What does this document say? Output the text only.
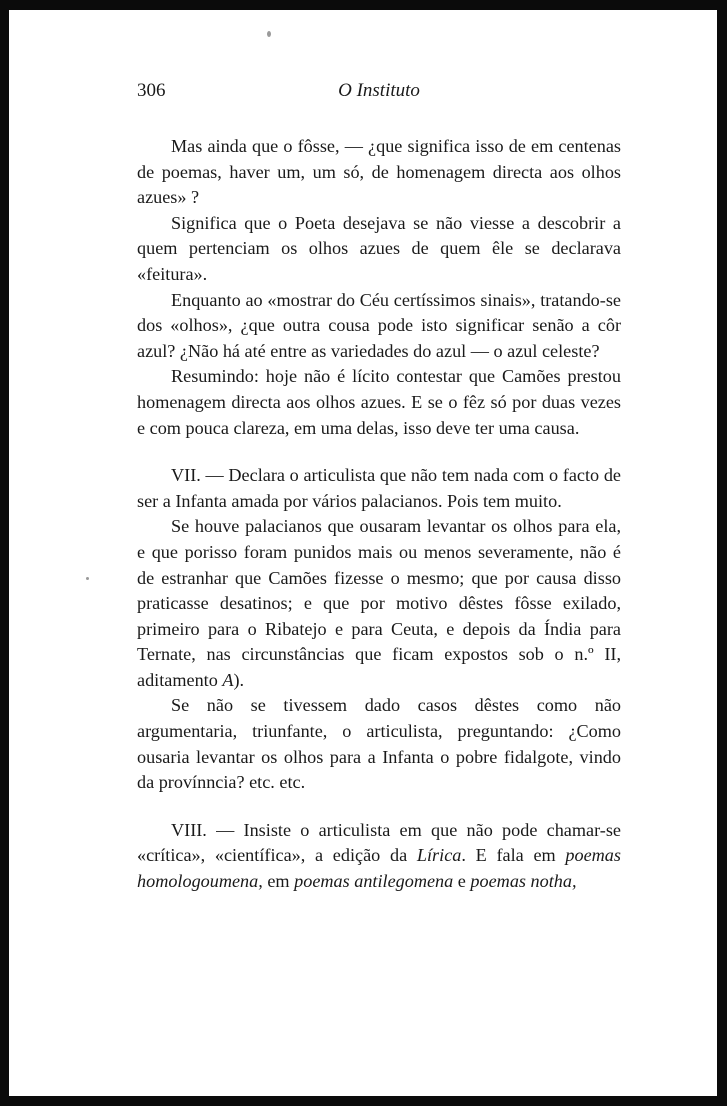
306	O Instituto

Mas ainda que o fôsse, — ¿que significa isso de em centenas de poemas, haver um, um só, de homenagem directa aos olhos azues» ?

Significa que o Poeta desejava se não viesse a descobrir a quem pertenciam os olhos azues de quem êle se declarava «feitura».

Enquanto ao «mostrar do Céu certíssimos sinais», tratando-se dos «olhos», ¿que outra cousa pode isto significar senão a côr azul? ¿Não há até entre as variedades do azul — o azul celeste?

Resumindo: hoje não é lícito contestar que Camões prestou homenagem directa aos olhos azues. E se o fêz só por duas vezes e com pouca clareza, em uma delas, isso deve ter uma causa.

VII. — Declara o articulista que não tem nada com o facto de ser a Infanta amada por vários palacianos. Pois tem muito.

Se houve palacianos que ousaram levantar os olhos para ela, e que porisso foram punidos mais ou menos severamente, não é de estranhar que Camões fizesse o mesmo; que por causa disso praticasse desatinos; e que por motivo dêstes fôsse exilado, primeiro para o Ribatejo e para Ceuta, e depois da Índia para Ternate, nas circunstâncias que ficam expostos sob o n.º II, aditamento A).

Se não se tivessem dado casos dêstes como não argumentaria, triunfante, o articulista, preguntando: ¿Como ousaria levantar os olhos para a Infanta o pobre fidalgote, vindo da provínncia? etc. etc.

VIII. — Insiste o articulista em que não pode chamar-se «crítica», «científica», a edição da Lírica. E fala em poemas homologoumena, em poemas antilegomena e poemas notha,
